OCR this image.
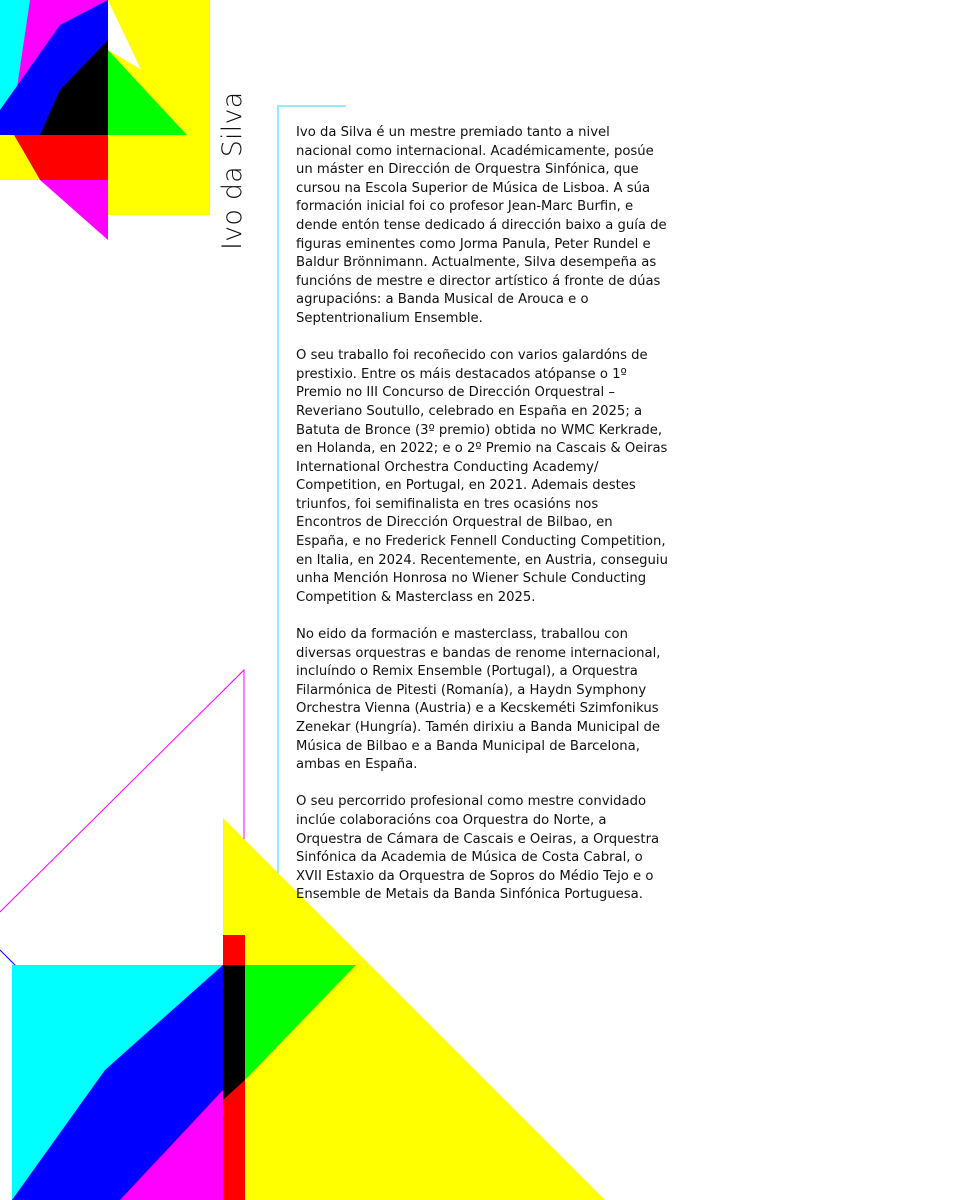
Ivo da Silva	Ivo da Silva é un mestre premiado tanto a nivel nacional como internacional. Académicamente, posúe un máster en Dirección de Orquestra Sinfónica, que cursou na Escola Superior de Música de Lisboa. A súa formación inicial foi co profesor Jean-Marc Burfin, e dende entón tense dedicado á dirección baixo a guía de figuras eminentes como Jorma Panula, Peter Rundel e Baldur Brönnimann. Actualmente, Silva desempeña as funcións de mestre e director artístico á fronte de dúas agrupacións: a Banda Musical de Arouca e o Septentrionalium Ensemble.

O seu traballo foi recoñecido con varios galardóns de prestixio. Entre os máis destacados atópanse o 1º Premio no III Concurso de Dirección Orquestral – Reveriano Soutullo, celebrado en España en 2025; a Batuta de Bronce (3º premio) obtida no WMC Kerkrade, en Holanda, en 2022; e o 2º Premio na Cascais & Oeiras International Orchestra Conducting Academy/ Competition, en Portugal, en 2021. Ademais destes triunfos, foi semifinalista en tres ocasións nos Encontros de Dirección Orquestral de Bilbao, en España, e no Frederick Fennell Conducting Competition, en Italia, en 2024. Recentemente, en Austria, conseguiu unha Mención Honrosa no Wiener Schule Conducting Competition & Masterclass en 2025.

No eido da formación e masterclass, traballou con diversas orquestras e bandas de renome internacional, incluíndo o Remix Ensemble (Portugal), a Orquestra Filarmónica de Pitesti (Romanía), a Haydn Symphony Orchestra Vienna (Austria) e a Kecskeméti Szimfonikus Zenekar (Hungría). Tamén dirixiu a Banda Municipal de Música de Bilbao e a Banda Municipal de Barcelona, ambas en España.

O seu percorrido profesional como mestre convidado inclúe colaboracións coa Orquestra do Norte, a Orquestra de Cámara de Cascais e Oeiras, a Orquestra Sinfónica da Academia de Música de Costa Cabral, o XVII Estaxio da Orquestra de Sopros do Médio Tejo e o Ensemble de Metais da Banda Sinfónica Portuguesa.
